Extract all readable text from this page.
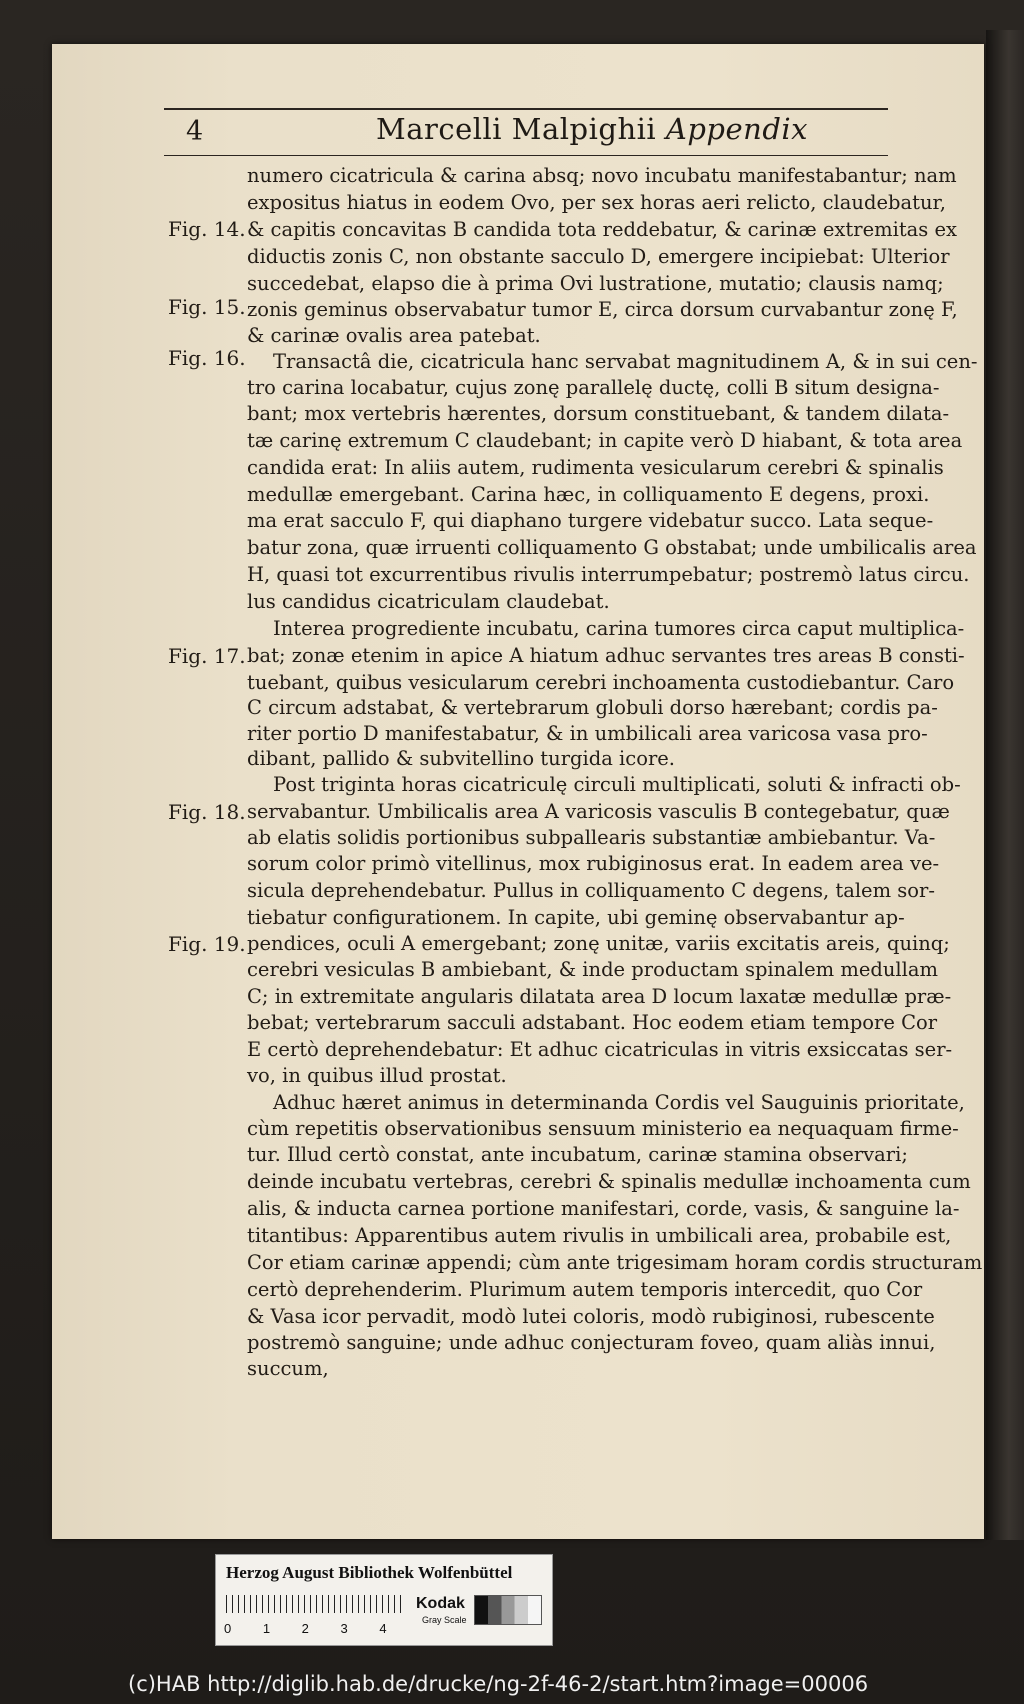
4	Marcelli Malpighii Appendix
Fig. 14.
Fig. 15.
Fig. 16.
Fig. 17.
Fig. 18.
Fig. 19.
numero cicatricula & carina absq; novo incubatu manifestabantur; nam
expositus hiatus in eodem Ovo, per sex horas aeri relicto, claudebatur,
& capitis concavitas B candida tota reddebatur, & carinæ extremitas ex
diductis zonis C, non obstante sacculo D, emergere incipiebat: Ulterior
succedebat, elapso die à prima Ovi lustratione, mutatio; clausis namq;
zonis geminus observabatur tumor E, circa dorsum curvabantur zonę F,
& carinæ ovalis area patebat.
Transactâ die, cicatricula hanc servabat magnitudinem A, & in sui cen-
tro carina locabatur, cujus zonę parallelę ductę, colli B situm designa-
bant; mox vertebris hærentes, dorsum constituebant, & tandem dilata-
tæ carinę extremum C claudebant; in capite verò D hiabant, & tota area
candida erat: In aliis autem, rudimenta vesicularum cerebri & spinalis
medullæ emergebant. Carina hæc, in colliquamento E degens, proxi.
ma erat sacculo F, qui diaphano turgere videbatur succo. Lata seque-
batur zona, quæ irruenti colliquamento G obstabat; unde umbilicalis area
H, quasi tot excurrentibus rivulis interrumpebatur; postremò latus circu.
lus candidus cicatriculam claudebat.
Interea progrediente incubatu, carina tumores circa caput multiplica-
bat; zonæ etenim in apice A hiatum adhuc servantes tres areas B consti-
tuebant, quibus vesicularum cerebri inchoamenta custodiebantur. Caro
C circum adstabat, & vertebrarum globuli dorso hærebant; cordis pa-
riter portio D manifestabatur, & in umbilicali area varicosa vasa pro-
dibant, pallido & subvitellino turgida icore.
Post triginta horas cicatriculę circuli multiplicati, soluti & infracti ob-
servabantur. Umbilicalis area A varicosis vasculis B contegebatur, quæ
ab elatis solidis portionibus subpallearis substantiæ ambiebantur. Va-
sorum color primò vitellinus, mox rubiginosus erat. In eadem area ve-
sicula deprehendebatur. Pullus in colliquamento C degens, talem sor-
tiebatur configurationem. In capite, ubi geminę observabantur ap-
pendices, oculi A emergebant; zonę unitæ, variis excitatis areis, quinq;
cerebri vesiculas B ambiebant, & inde productam spinalem medullam
C; in extremitate angularis dilatata area D locum laxatæ medullæ præ-
bebat; vertebrarum sacculi adstabant. Hoc eodem etiam tempore Cor
E certò deprehendebatur: Et adhuc cicatriculas in vitris exsiccatas ser-
vo, in quibus illud prostat.
Adhuc hæret animus in determinanda Cordis vel Sauguinis prioritate,
cùm repetitis observationibus sensuum ministerio ea nequaquam firme-
tur. Illud certò constat, ante incubatum, carinæ stamina observari;
deinde incubatu vertebras, cerebri & spinalis medullæ inchoamenta cum
alis, & inducta carnea portione manifestari, corde, vasis, & sanguine la-
titantibus: Apparentibus autem rivulis in umbilicali area, probabile est,
Cor etiam carinæ appendi; cùm ante trigesimam horam cordis structuram
certò deprehenderim. Plurimum autem temporis intercedit, quo Cor
& Vasa icor pervadit, modò lutei coloris, modò rubiginosi, rubescente
postremò sanguine; unde adhuc conjecturam foveo, quam aliàs innui,
succum,
Herzog August Bibliothek Wolfenbüttel
0 1 2 3 4
Kodak
Gray Scale
(c)HAB http://diglib.hab.de/drucke/ng-2f-46-2/start.htm?image=00006
